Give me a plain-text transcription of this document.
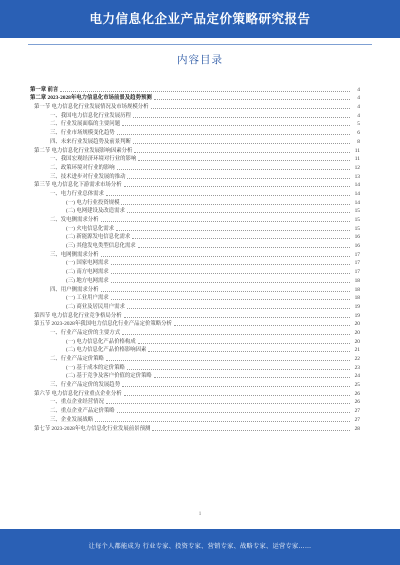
电力信息化企业产品定价策略研究报告
内容目录
第一章 前言	4
第二章 2023-2028年电力信息化市场前景及趋势预测	4
第一节 电力信息化行业发展情况及市场规模分析	4
一、我国电力信息化行业发展历程	4
二、行业发展面临的主要问题	5
三、行业市场规模变化趋势	6
四、未来行业发展趋势及前景判断	8
第二节 电力信息化行业发展影响因素分析	11
一、我国宏观经济环境对行业的影响	11
二、政策环境对行业的影响	12
三、技术进步对行业发展的推动	13
第三节 电力信息化下游需求市场分析	14
一、电力行业总体需求	14
(一) 电力行业投资规模	14
(二) 电网建设及改造需求	15
二、发电侧需求分析	15
(一) 火电信息化需求	15
(二) 新能源发电信息化需求	16
(三) 其他发电类型信息化需求	16
三、电网侧需求分析	17
(一) 国家电网需求	17
(二) 南方电网需求	17
(三) 地方电网需求	18
四、用户侧需求分析	18
(一) 工业用户需求	18
(二) 商业及居民用户需求	19
第四节 电力信息化行业竞争格局分析	19
第五节 2023-2028年我国电力信息化行业产品定价策略分析	20
一、行业产品定价的主要方式	20
(一) 电力信息化产品价格构成	20
(二) 电力信息化产品价格影响因素	21
二、行业产品定价策略	22
(一) 基于成本的定价策略	23
(二) 基于竞争及客户价值的定价策略	24
三、行业产品定价的发展趋势	25
第六节 电力信息化行业重点企业分析	26
一、重点企业经营情况	26
二、重点企业产品定价策略	27
三、企业发展战略	27
第七节 2023-2028年电力信息化行业发展前景预测	28
1
让每个人都能成为 行业专家、投资专家、营销专家、战略专家、运营专家……
